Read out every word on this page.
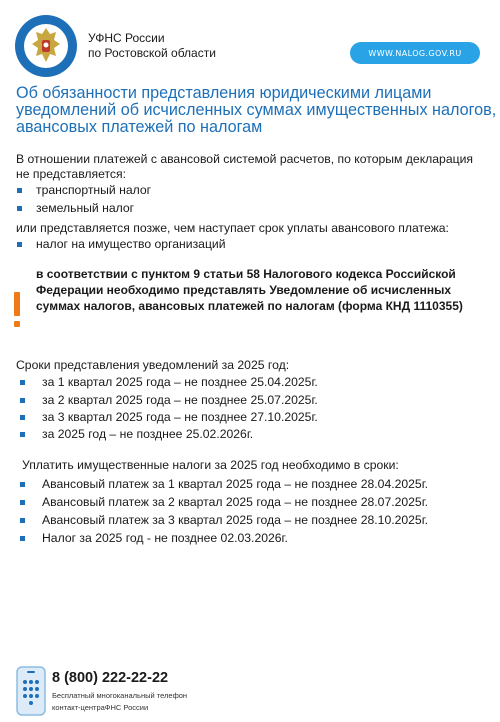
УФНС России
по Ростовской области	WWW.NALOG.GOV.RU
Об обязанности представления юридическими лицами
уведомлений об исчисленных суммах имущественных налогов,
авансовых платежей по налогам
В отношении платежей с авансовой системой расчетов, по которым декларация
не представляется:
транспортный налог
земельный налог
или представляется позже, чем наступает срок уплаты авансового платежа:
налог на имущество организаций
в соответствии с пунктом 9 статьи 58 Налогового кодекса Российской
Федерации необходимо представлять Уведомление об исчисленных
суммах налогов, авансовых платежей по налогам (форма КНД 1110355)
Сроки представления уведомлений за 2025 год:
за 1 квартал 2025 года – не позднее 25.04.2025г.
за 2 квартал 2025 года – не позднее 25.07.2025г.
за 3 квартал 2025 года – не позднее 27.10.2025г.
за 2025 год – не позднее 25.02.2026г.
Уплатить имущественные налоги за 2025 год необходимо в сроки:
Авансовый платеж за 1 квартал 2025 года – не позднее 28.04.2025г.
Авансовый платеж за 2 квартал 2025 года – не позднее 28.07.2025г.
Авансовый платеж за 3 квартал 2025 года – не позднее 28.10.2025г.
Налог за 2025 год - не позднее 02.03.2026г.
8 (800) 222-22-22
Бесплатный многоканальный телефон
контакт-центраФНС России
